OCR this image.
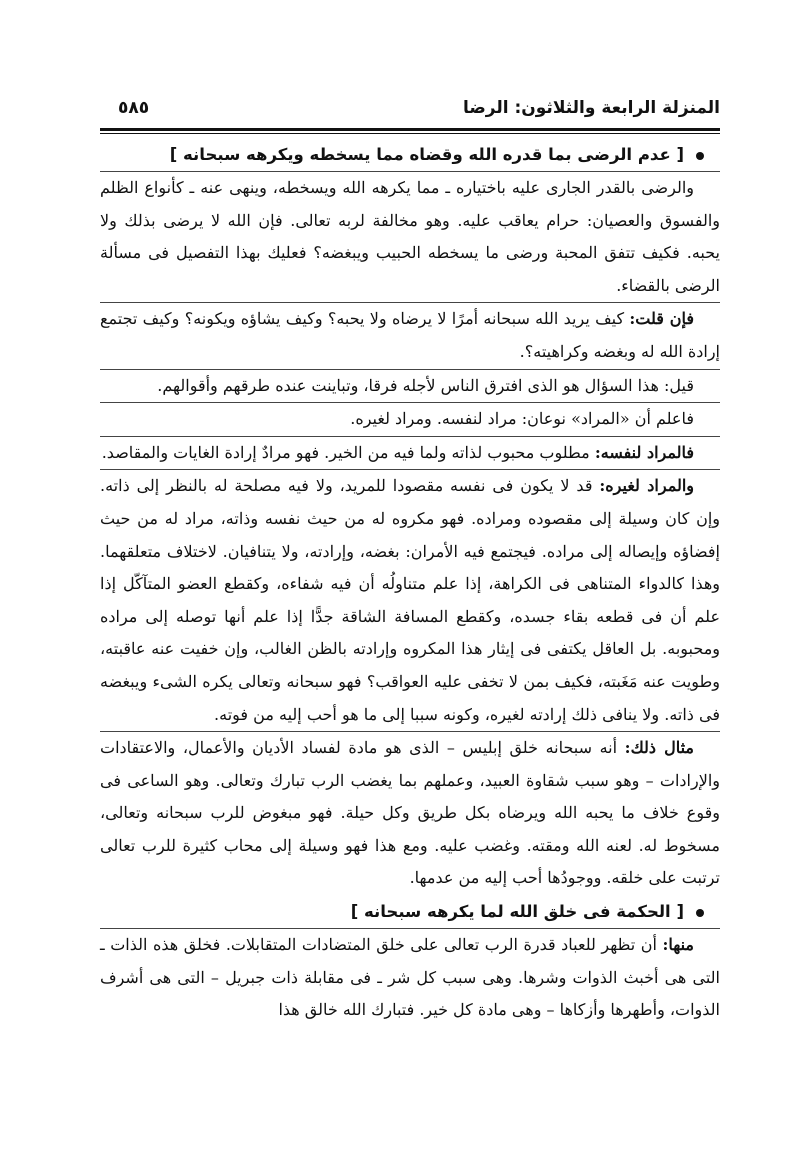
المنزلة الرابعة والثلاثون: الرضا
٥٨٥
[ عدم الرضى بما قدره الله وقضاه مما يسخطه ويكرهه سبحانه ]

والرضى بالقدر الجارى عليه باختياره ـ مما يكرهه الله ويسخطه، وينهى عنه ـ كأنواع الظلم والفسوق والعصيان: حرام يعاقب عليه. وهو مخالفة لربه تعالى. فإن الله لا يرضى بذلك ولا يحبه. فكيف تتفق المحبة ورضى ما يسخطه الحبيب ويبغضه؟ فعليك بهذا التفصيل فى مسألة الرضى بالقضاء.

فإن قلت: كيف يريد الله سبحانه أمرًا لا يرضاه ولا يحبه؟ وكيف يشاؤه ويكونه؟ وكيف تجتمع إرادة الله له وبغضه وكراهيته؟.

قيل: هذا السؤال هو الذى افترق الناس لأجله فرقا، وتباينت عنده طرقهم وأقوالهم.

فاعلم أن «المراد» نوعان: مراد لنفسه. ومراد لغيره.

فالمراد لنفسه: مطلوب محبوب لذاته ولما فيه من الخير. فهو مرادٌ إرادة الغايات والمقاصد.

والمراد لغيره: قد لا يكون فى نفسه مقصودا للمريد، ولا فيه مصلحة له بالنظر إلى ذاته. وإن كان وسيلة إلى مقصوده ومراده. فهو مكروه له من حيث نفسه وذاته، مراد له من حيث إفضاؤه وإيصاله إلى مراده. فيجتمع فيه الأمران: بغضه، وإرادته، ولا يتنافيان. لاختلاف متعلقهما. وهذا كالدواء المتناهى فى الكراهة، إذا علم متناولُه أن فيه شفاءه، وكقطع العضو المتآكّل إذا علم أن فى قطعه بقاء جسده، وكقطع المسافة الشاقة جدًّا إذا علم أنها توصله إلى مراده ومحبوبه. بل العاقل يكتفى فى إيثار هذا المكروه وإرادته بالظن الغالب، وإن خفيت عنه عاقبته، وطويت عنه مَغَبته، فكيف بمن لا تخفى عليه العواقب؟ فهو سبحانه وتعالى يكره الشىء ويبغضه فى ذاته. ولا ينافى ذلك إرادته لغيره، وكونه سببا إلى ما هو أحب إليه من فوته.

مثال ذلك: أنه سبحانه خلق إبليس – الذى هو مادة لفساد الأديان والأعمال، والاعتقادات والإرادات – وهو سبب شقاوة العبيد، وعملهم بما يغضب الرب تبارك وتعالى. وهو الساعى فى وقوع خلاف ما يحبه الله ويرضاه بكل طريق وكل حيلة. فهو مبغوض للرب سبحانه وتعالى، مسخوط له. لعنه الله ومقته. وغضب عليه. ومع هذا فهو وسيلة إلى محاب كثيرة للرب تعالى ترتبت على خلقه. ووجودُها أحب إليه من عدمها.

[ الحكمة فى خلق الله لما يكرهه سبحانه ]

منها: أن تظهر للعباد قدرة الرب تعالى على خلق المتضادات المتقابلات. فخلق هذه الذات ـ التى هى أخبث الذوات وشرها. وهى سبب كل شر ـ فى مقابلة ذات جبريل – التى هى أشرف الذوات، وأطهرها وأزكاها – وهى مادة كل خير. فتبارك الله خالق هذا
